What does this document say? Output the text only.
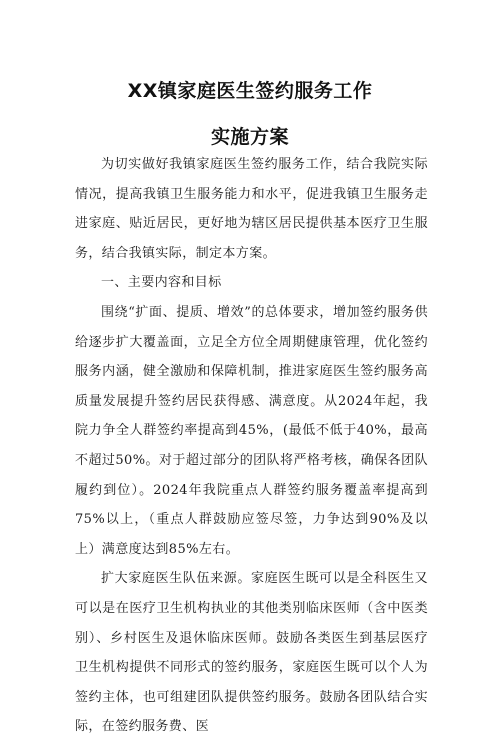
XX镇家庭医生签约服务工作
实施方案

为切实做好我镇家庭医生签约服务工作，结合我院实际情况，提高我镇卫生服务能力和水平，促进我镇卫生服务走进家庭、贴近居民，更好地为辖区居民提供基本医疗卫生服务，结合我镇实际，制定本方案。

一、主要内容和目标

围绕“扩面、提质、增效”的总体要求，增加签约服务供给逐步扩大覆盖面，立足全方位全周期健康管理，优化签约服务内涵，健全激励和保障机制，推进家庭医生签约服务高质量发展提升签约居民获得感、满意度。从2024年起，我院力争全人群签约率提高到45%，(最低不低于40%，最高不超过50%。对于超过部分的团队将严格考核，确保各团队履约到位）。2024年我院重点人群签约服务覆盖率提高到75%以上，（重点人群鼓励应签尽签，力争达到90%及以上）满意度达到85%左右。

扩大家庭医生队伍来源。家庭医生既可以是全科医生又可以是在医疗卫生机构执业的其他类别临床医师（含中医类别）、乡村医生及退休临床医师。鼓励各类医生到基层医疗卫生机构提供不同形式的签约服务，家庭医生既可以个人为签约主体，也可组建团队提供签约服务。鼓励各团队结合实际，在签约服务费、医
